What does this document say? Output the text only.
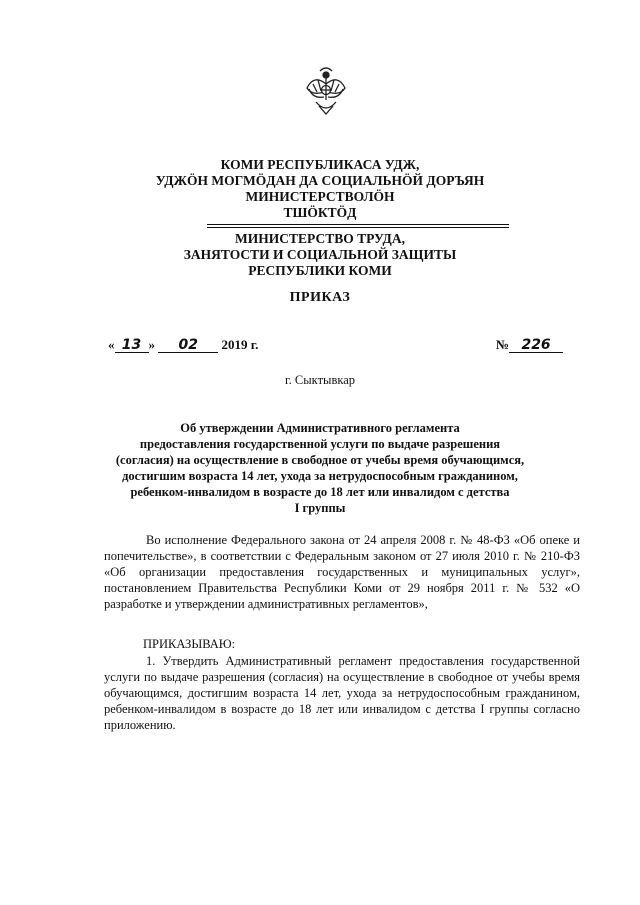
КОМИ РЕСПУБЛИКАСА УДЖ,
УДЖӦН МОГМӦДАН ДА СОЦИАЛЬНӦЙ ДОРЪЯН
МИНИСТЕРСТВОЛӦН
ТШӦКТӦД
МИНИСТЕРСТВО ТРУДА,
ЗАНЯТОСТИ И СОЦИАЛЬНОЙ ЗАЩИТЫ
РЕСПУБЛИКИ КОМИ
ПРИКАЗ
« 13 » 02 2019 г.	№ 226
г. Сыктывкар
Об утверждении Административного регламента
предоставления государственной услуги по выдаче разрешения
(согласия) на осуществление в свободное от учебы время обучающимся,
достигшим возраста 14 лет, ухода за нетрудоспособным гражданином,
ребенком-инвалидом в возрасте до 18 лет или инвалидом с детства
I группы
Во исполнение Федерального закона от 24 апреля 2008 г. № 48-ФЗ «Об опеке и попечительстве», в соответствии с Федеральным законом от 27 июля 2010 г. № 210-ФЗ «Об организации предоставления государственных и муниципальных услуг», постановлением Правительства Республики Коми от 29 ноября 2011 г. № 532 «О разработке и утверждении административных регламентов»,
ПРИКАЗЫВАЮ:
1. Утвердить Административный регламент предоставления государственной услуги по выдаче разрешения (согласия) на осуществление в свободное от учебы время обучающимся, достигшим возраста 14 лет, ухода за нетрудоспособным гражданином, ребенком-инвалидом в возрасте до 18 лет или инвалидом с детства I группы согласно приложению.
